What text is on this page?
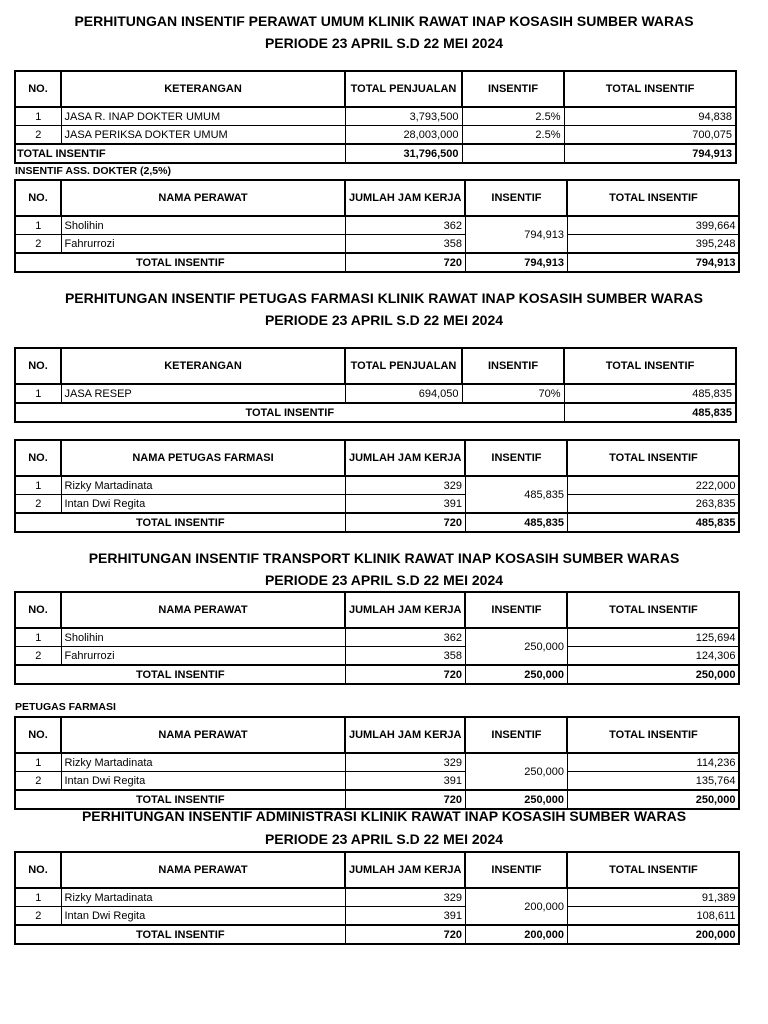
PERHITUNGAN INSENTIF PERAWAT UMUM KLINIK RAWAT INAP KOSASIH SUMBER WARAS
PERIODE 23 APRIL S.D 22 MEI 2024
NO.	KETERANGAN	TOTAL PENJUALAN	INSENTIF	TOTAL INSENTIF
1	JASA R. INAP DOKTER UMUM	3,793,500	2.5%	94,838
2	JASA PERIKSA DOKTER UMUM	28,003,000	2.5%	700,075
TOTAL INSENTIF		31,796,500		794,913
INSENTIF ASS. DOKTER (2,5%)
NO.	NAMA PERAWAT	JUMLAH JAM KERJA	INSENTIF	TOTAL INSENTIF
1	Sholihin	362	794,913	399,664
2	Fahrurrozi	358		395,248
TOTAL INSENTIF		720	794,913	794,913
PERHITUNGAN INSENTIF PETUGAS FARMASI KLINIK RAWAT INAP KOSASIH SUMBER WARAS
PERIODE 23 APRIL S.D 22 MEI 2024
NO.	KETERANGAN	TOTAL PENJUALAN	INSENTIF	TOTAL INSENTIF
1	JASA RESEP	694,050	70%	485,835
TOTAL INSENTIF				485,835
NO.	NAMA PETUGAS FARMASI	JUMLAH JAM KERJA	INSENTIF	TOTAL INSENTIF
1	Rizky Martadinata	329	485,835	222,000
2	Intan Dwi Regita	391		263,835
TOTAL INSENTIF		720	485,835	485,835
PERHITUNGAN INSENTIF TRANSPORT KLINIK RAWAT INAP KOSASIH SUMBER WARAS
PERIODE 23 APRIL S.D 22 MEI 2024
NO.	NAMA PERAWAT	JUMLAH JAM KERJA	INSENTIF	TOTAL INSENTIF
1	Sholihin	362	250,000	125,694
2	Fahrurrozi	358		124,306
TOTAL INSENTIF		720	250,000	250,000
PETUGAS FARMASI
NO.	NAMA PERAWAT	JUMLAH JAM KERJA	INSENTIF	TOTAL INSENTIF
1	Rizky Martadinata	329	250,000	114,236
2	Intan Dwi Regita	391		135,764
TOTAL INSENTIF		720	250,000	250,000
PERHITUNGAN INSENTIF ADMINISTRASI KLINIK RAWAT INAP KOSASIH SUMBER WARAS
PERIODE 23 APRIL S.D 22 MEI 2024
NO.	NAMA PERAWAT	JUMLAH JAM KERJA	INSENTIF	TOTAL INSENTIF
1	Rizky Martadinata	329	200,000	91,389
2	Intan Dwi Regita	391		108,611
TOTAL INSENTIF		720	200,000	200,000
